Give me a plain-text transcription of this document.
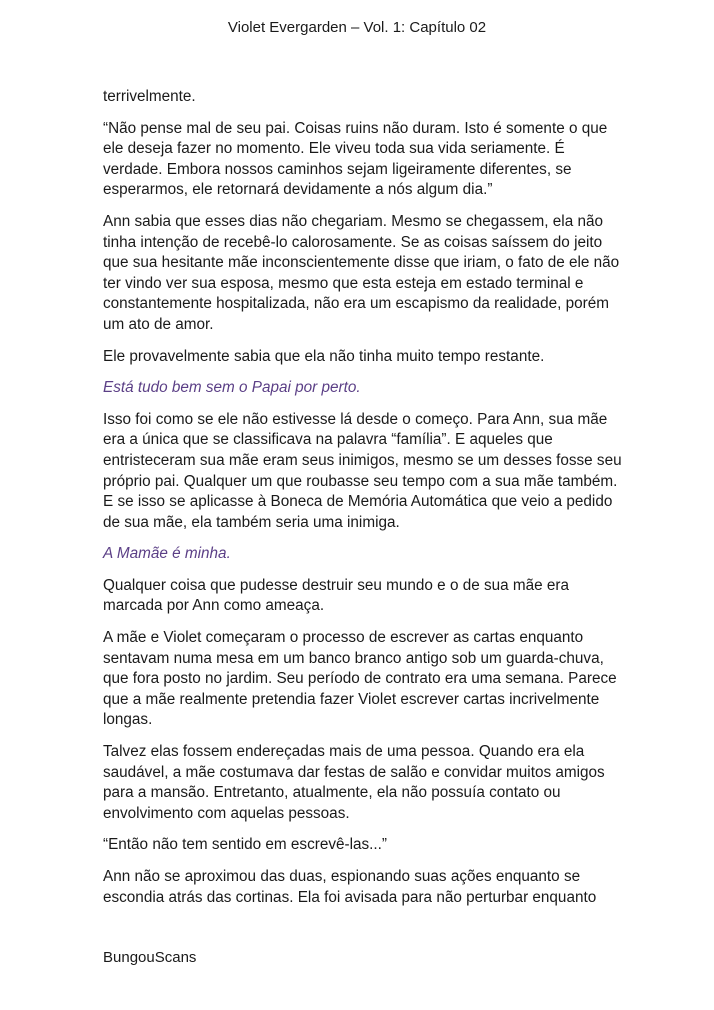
Violet Evergarden – Vol. 1: Capítulo 02

terrivelmente.

“Não pense mal de seu pai. Coisas ruins não duram. Isto é somente o que ele deseja fazer no momento. Ele viveu toda sua vida seriamente. É verdade. Embora nossos caminhos sejam ligeiramente diferentes, se esperarmos, ele retornará devidamente a nós algum dia.”

Ann sabia que esses dias não chegariam. Mesmo se chegassem, ela não tinha intenção de recebê-lo calorosamente. Se as coisas saíssem do jeito que sua hesitante mãe inconscientemente disse que iriam, o fato de ele não ter vindo ver sua esposa, mesmo que esta esteja em estado terminal e constantemente hospitalizada, não era um escapismo da realidade, porém um ato de amor.

Ele provavelmente sabia que ela não tinha muito tempo restante.

Está tudo bem sem o Papai por perto.

Isso foi como se ele não estivesse lá desde o começo. Para Ann, sua mãe era a única que se classificava na palavra “família”. E aqueles que entristeceram sua mãe eram seus inimigos, mesmo se um desses fosse seu próprio pai. Qualquer um que roubasse seu tempo com a sua mãe também. E se isso se aplicasse à Boneca de Memória Automática que veio a pedido de sua mãe, ela também seria uma inimiga.

A Mamãe é minha.

Qualquer coisa que pudesse destruir seu mundo e o de sua mãe era marcada por Ann como ameaça.

A mãe e Violet começaram o processo de escrever as cartas enquanto sentavam numa mesa em um banco branco antigo sob um guarda-chuva, que fora posto no jardim. Seu período de contrato era uma semana. Parece que a mãe realmente pretendia fazer Violet escrever cartas incrivelmente longas.

Talvez elas fossem endereçadas mais de uma pessoa. Quando era ela saudável, a mãe costumava dar festas de salão e convidar muitos amigos para a mansão. Entretanto, atualmente, ela não possuía contato ou envolvimento com aquelas pessoas.

“Então não tem sentido em escrevê-las...”

Ann não se aproximou das duas, espionando suas ações enquanto se escondia atrás das cortinas. Ela foi avisada para não perturbar enquanto

BungouScans
